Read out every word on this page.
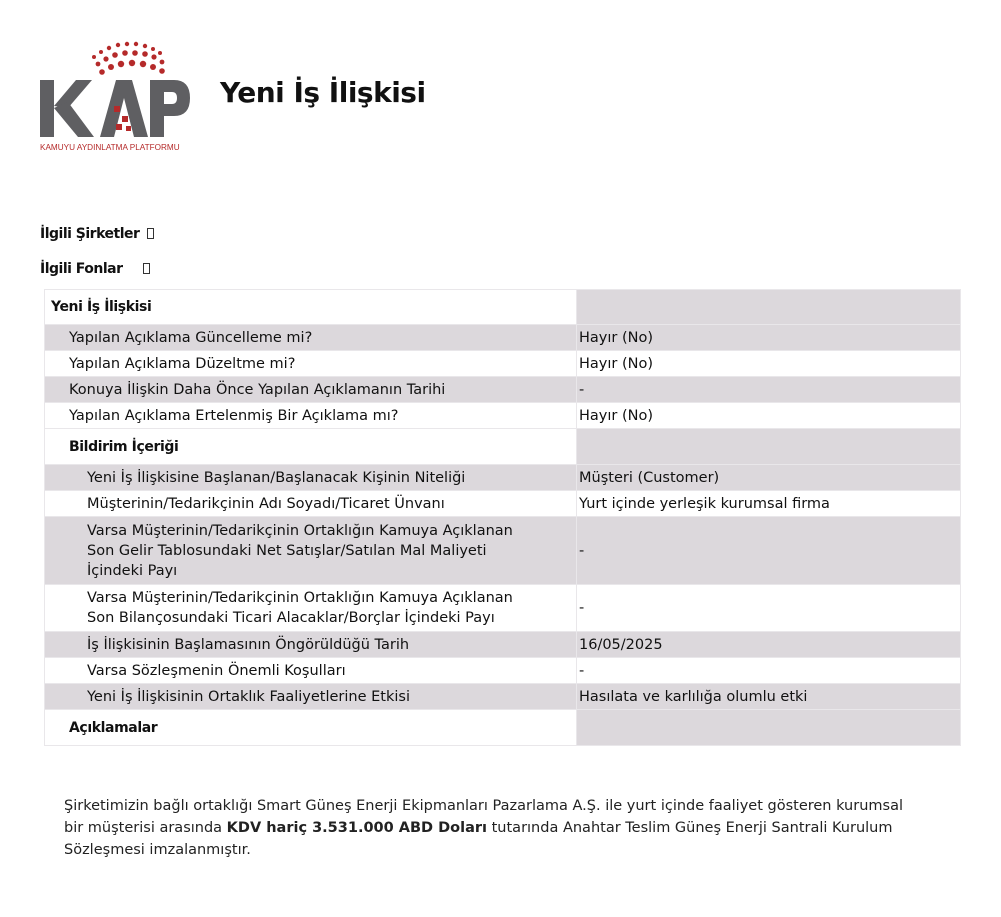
KAMUYU AYDINLATMA PLATFORMU
Yeni İş İlişkisi
İlgili Şirketler
İlgili Fonlar
Yeni İş İlişkisi	

Yapılan Açıklama Güncelleme mi?	Hayır (No)

Yapılan Açıklama Düzeltme mi?	Hayır (No)

Konuya İlişkin Daha Önce Yapılan Açıklamanın Tarihi	-

Yapılan Açıklama Ertelenmiş Bir Açıklama mı?	Hayır (No)

Bildirim İçeriği	

Yeni İş İlişkisine Başlanan/Başlanacak Kişinin Niteliği	Müşteri (Customer)

Müşterinin/Tedarikçinin Adı Soyadı/Ticaret Ünvanı	Yurt içinde yerleşik kurumsal firma

Varsa Müşterinin/Tedarikçinin Ortaklığın Kamuya Açıklanan Son Gelir Tablosundaki Net Satışlar/Satılan Mal Maliyeti İçindeki Payı	-

Varsa Müşterinin/Tedarikçinin Ortaklığın Kamuya Açıklanan Son Bilançosundaki Ticari Alacaklar/Borçlar İçindeki Payı	-

İş İlişkisinin Başlamasının Öngörüldüğü Tarih	16/05/2025

Varsa Sözleşmenin Önemli Koşulları	-

Yeni İş İlişkisinin Ortaklık Faaliyetlerine Etkisi	Hasılata ve karlılığa olumlu etki

Açıklamalar	

Şirketimizin bağlı ortaklığı Smart Güneş Enerji Ekipmanları Pazarlama A.Ş. ile yurt içinde faaliyet gösteren kurumsal bir müşterisi arasında KDV hariç 3.531.000 ABD Doları tutarında Anahtar Teslim Güneş Enerji Santrali Kurulum Sözleşmesi imzalanmıştır.
